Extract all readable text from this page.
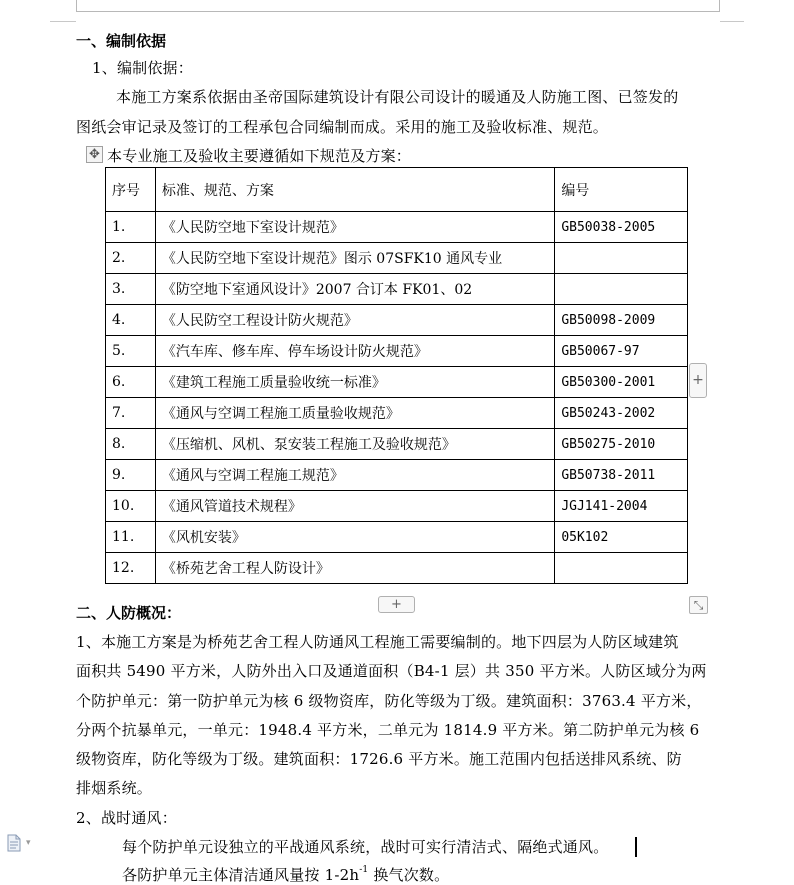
一、编制依据
1、编制依据：
本施工方案系依据由圣帝国际建筑设计有限公司设计的暖通及人防施工图、已签发的
图纸会审记录及签订的工程承包合同编制而成。采用的施工及验收标准、规范。
✥ 本专业施工及验收主要遵循如下规范及方案：
序号	标准、规范、方案	编号
1.	《人民防空地下室设计规范》	GB50038-2005
2.	《人民防空地下室设计规范》图示 07SFK10 通风专业	
3.	《防空地下室通风设计》2007 合订本 FK01、02	
4.	《人民防空工程设计防火规范》	GB50098-2009
5.	《汽车库、修车库、停车场设计防火规范》	GB50067-97
6.	《建筑工程施工质量验收统一标准》	GB50300-2001
7.	《通风与空调工程施工质量验收规范》	GB50243-2002
8.	《压缩机、风机、泵安装工程施工及验收规范》	GB50275-2010
9.	《通风与空调工程施工规范》	GB50738-2011
10.	《通风管道技术规程》	JGJ141-2004
11.	《风机安装》	05K102
12.	《桥苑艺舍工程人防设计》	
+
+	⤡
二、人防概况：
1、本施工方案是为桥苑艺舍工程人防通风工程施工需要编制的。地下四层为人防区域建筑
面积共 5490 平方米，人防外出入口及通道面积（B4-1 层）共 350 平方米。人防区域分为两
个防护单元：第一防护单元为核 6 级物资库，防化等级为丁级。建筑面积：3763.4 平方米，
分两个抗暴单元，一单元：1948.4 平方米，二单元为 1814.9 平方米。第二防护单元为核 6
级物资库，防化等级为丁级。建筑面积：1726.6 平方米。施工范围内包括送排风系统、防
排烟系统。
2、战时通风：
每个防护单元设独立的平战通风系统，战时可实行清洁式、隔绝式通风。
各防护单元主体清洁通风量按 $1-2h^{-1}$ 换气次数。
▾
